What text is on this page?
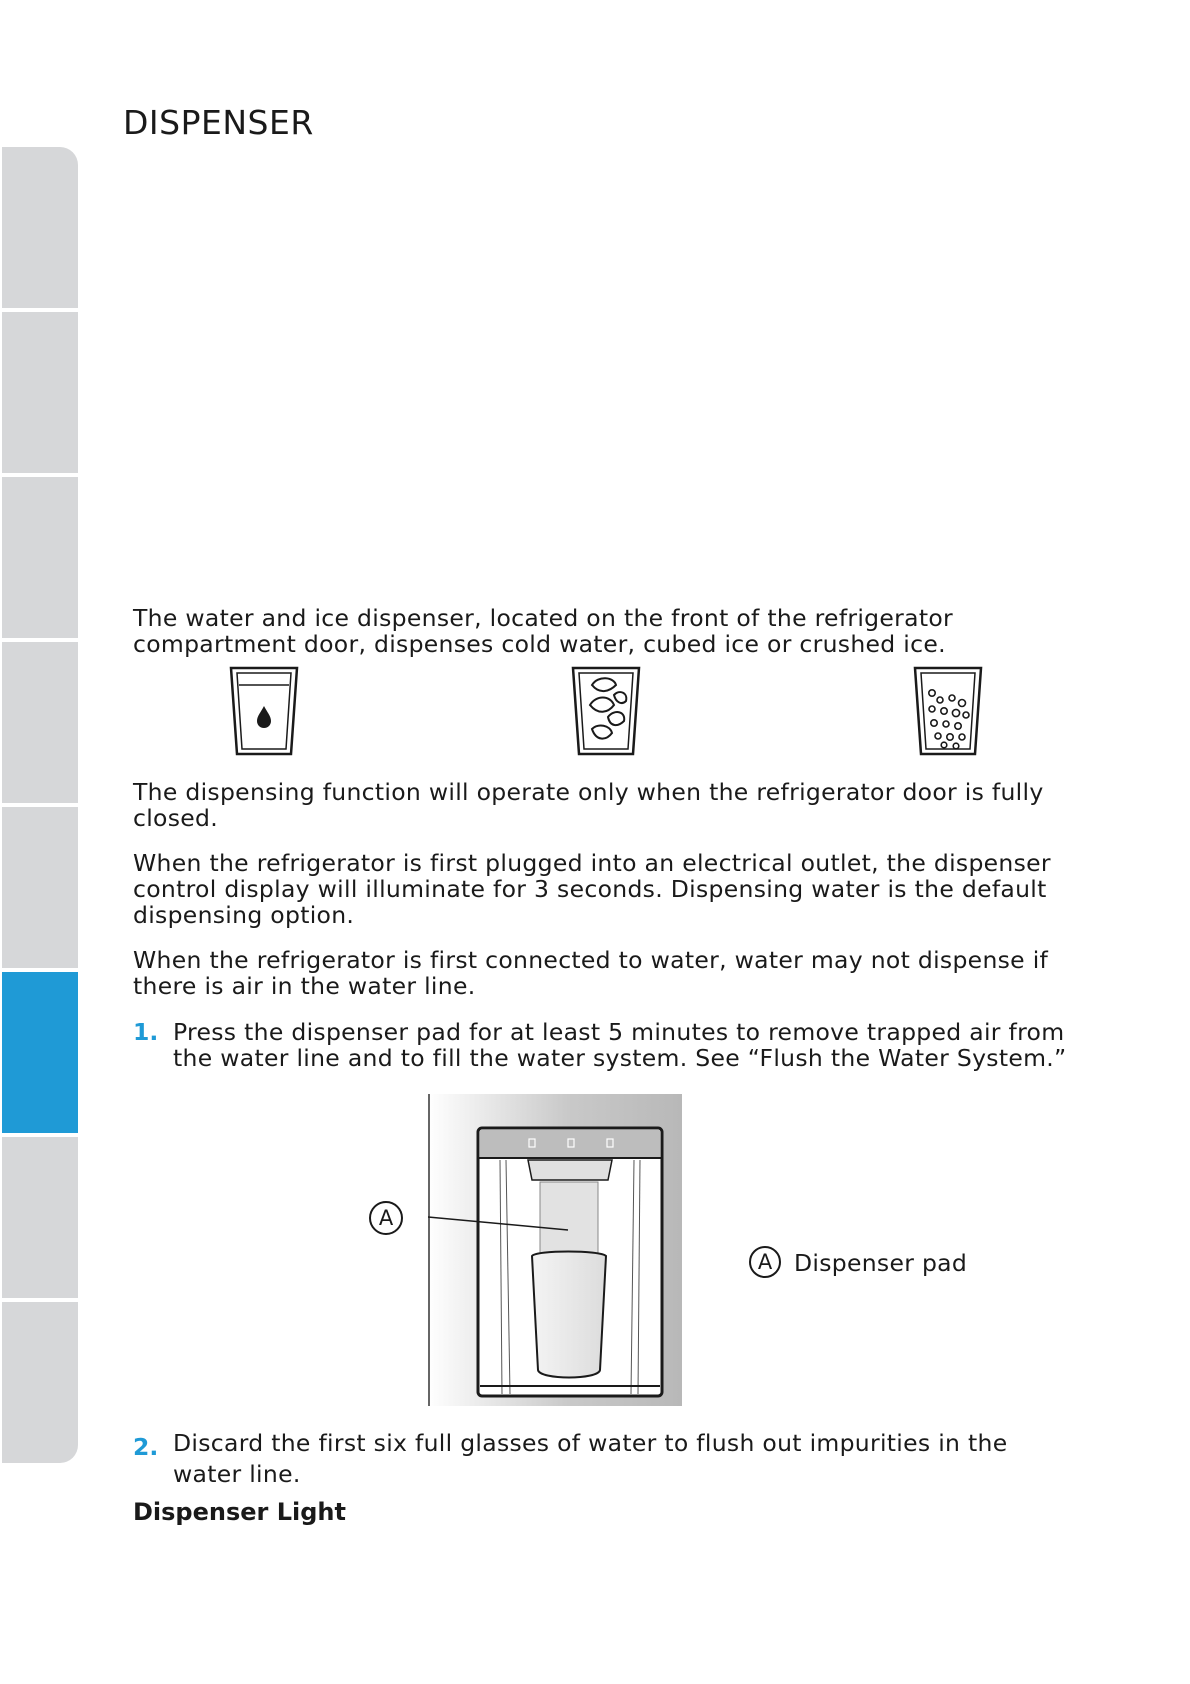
DISPENSER

The water and ice dispenser, located on the front of the refrigerator compartment door, dispenses cold water, cubed ice or crushed ice.

The dispensing function will operate only when the refrigerator door is fully closed.

When the refrigerator is first plugged into an electrical outlet, the dispenser control display will illuminate for 3 seconds. Dispensing water is the default dispensing option.

When the refrigerator is first connected to water, water may not dispense if there is air in the water line.

1. Press the dispenser pad for at least 5 minutes to remove trapped air from the water line and to fill the water system. See “Flush the Water System.”

A
A Dispenser pad
2. Discard the first six full glasses of water to flush out impurities in the water line.

Dispenser Light
